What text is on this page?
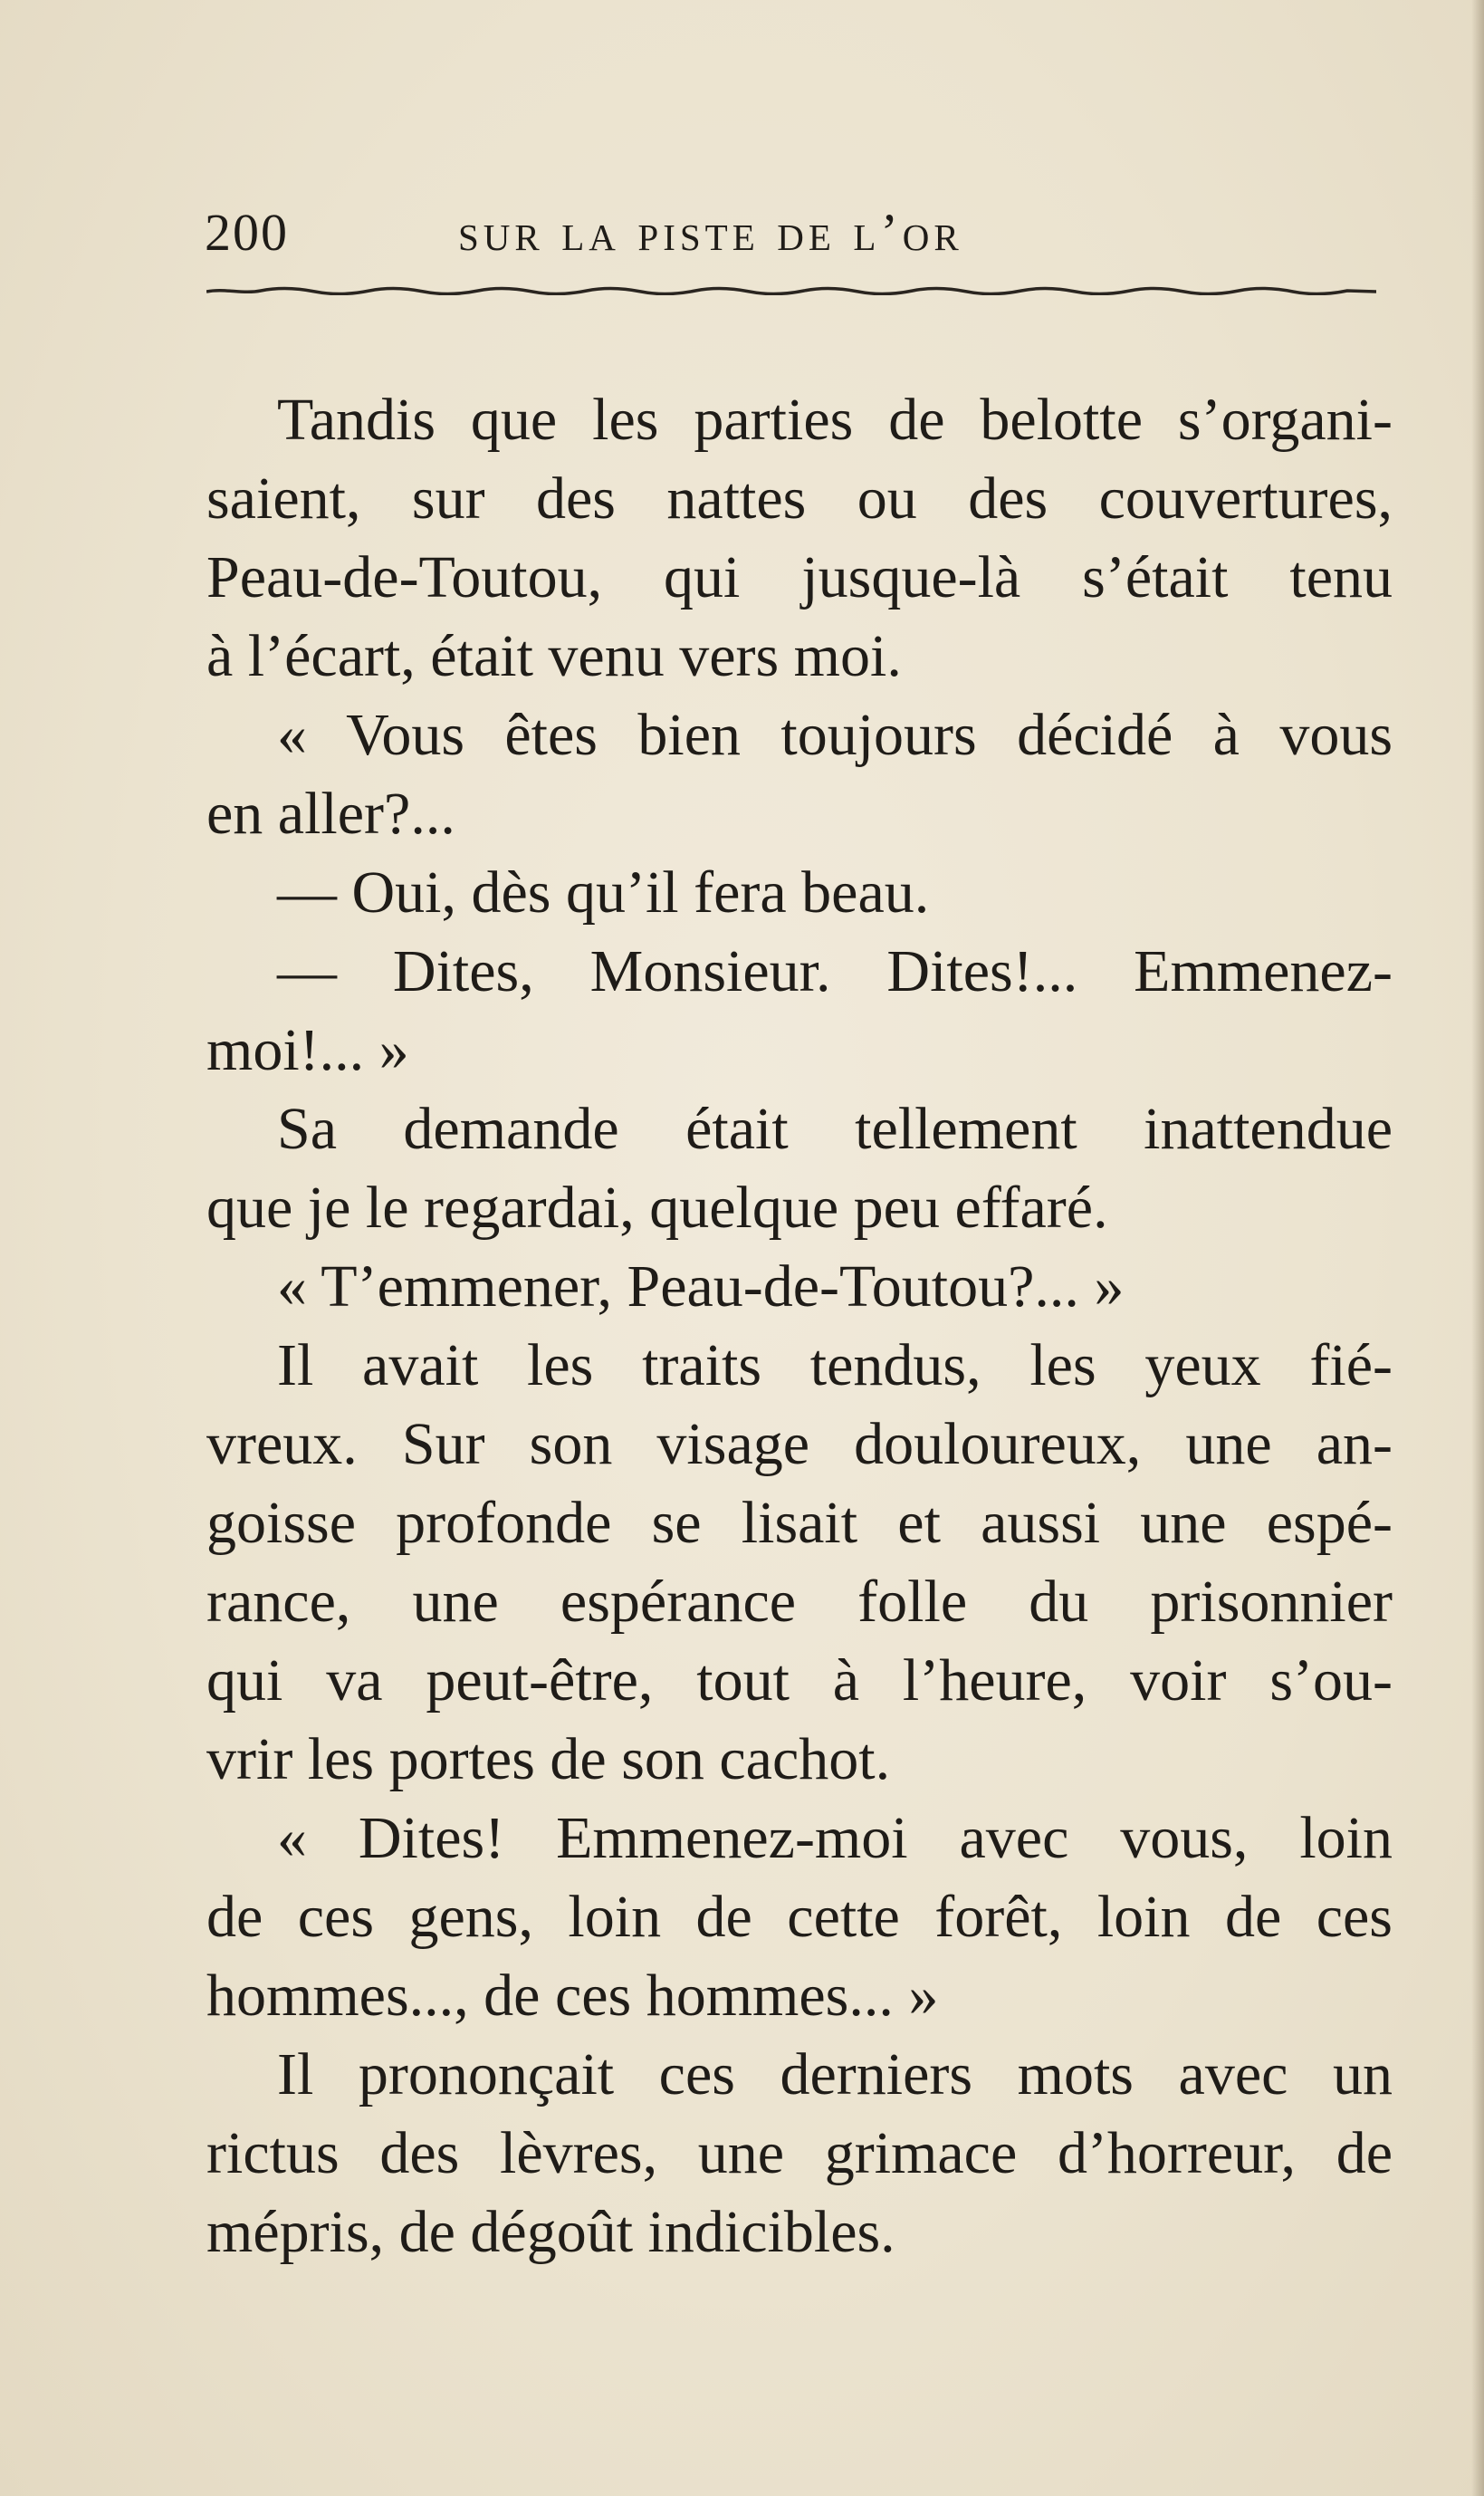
200	sur la piste de l’or
Tandis que les parties de belotte s’organi-
saient, sur des nattes ou des couvertures,
Peau-de-Toutou, qui jusque-là s’était tenu
à l’écart, était venu vers moi.
« Vous êtes bien toujours décidé à vous
en aller?...
— Oui, dès qu’il fera beau.
— Dites, Monsieur. Dites!... Emmenez-
moi!... »
Sa demande était tellement inattendue
que je le regardai, quelque peu effaré.
« T’emmener, Peau-de-Toutou?... »
Il avait les traits tendus, les yeux fié-
vreux. Sur son visage douloureux, une an-
goisse profonde se lisait et aussi une espé-
rance, une espérance folle du prisonnier
qui va peut-être, tout à l’heure, voir s’ou-
vrir les portes de son cachot.
« Dites! Emmenez-moi avec vous, loin
de ces gens, loin de cette forêt, loin de ces
hommes..., de ces hommes... »
Il prononçait ces derniers mots avec un
rictus des lèvres, une grimace d’horreur, de
mépris, de dégoût indicibles.
